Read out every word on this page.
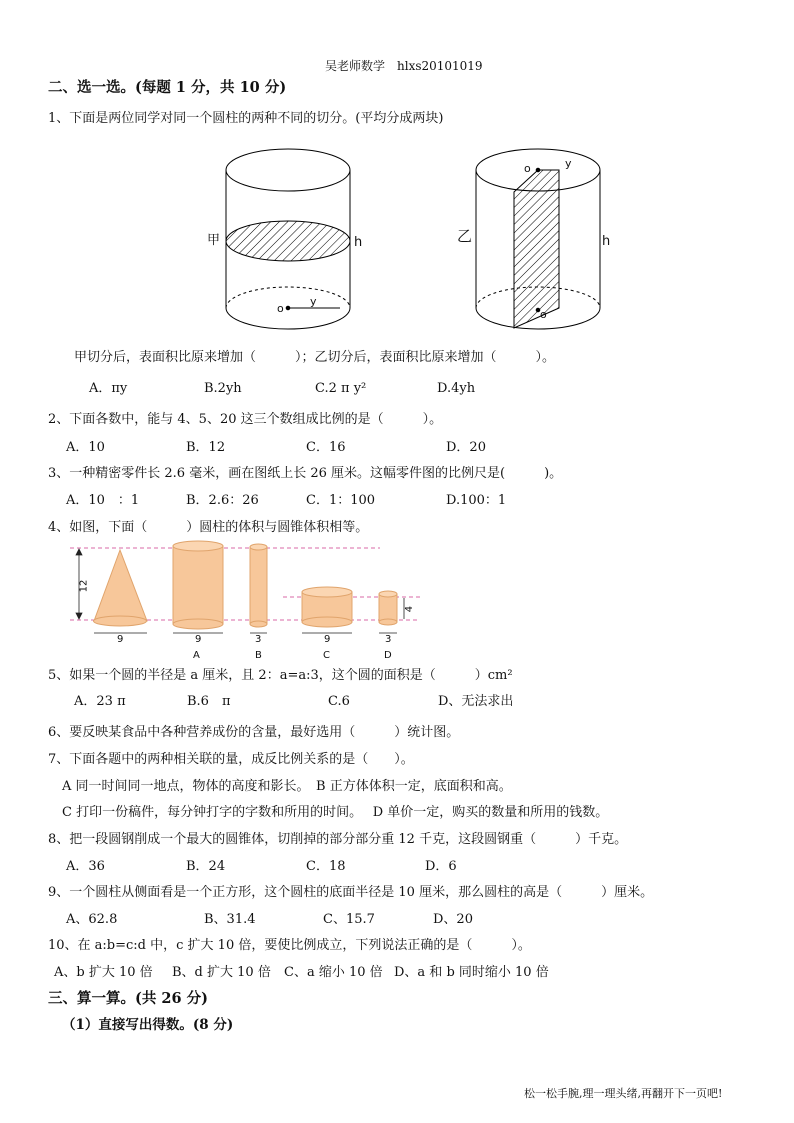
吴老师数学　hlxs20101019
二、选一选。(每题 1 分，共 10 分)
1、下面是两位同学对同一个圆柱的两种不同的切分。(平均分成两块)
甲	h
o
y
乙	h
o	y
o
甲切分后，表面积比原来增加（　　　）；乙切分后，表面积比原来增加（　　　）。
A．πy	B.2yh	C.2 π y²	D.4yh
2、下面各数中，能与 4、5、20 这三个数组成比例的是（　　　）。
A．10	B．12	C．16	D．20
3、一种精密零件长 2.6 毫米，画在图纸上长 26 厘米。这幅零件图的比例尺是(　　　)。
A．10　：1	B．2.6：26	C．1：100	D.100：1
4、如图，下面（　　　）圆柱的体积与圆锥体积相等。
12
9	9	3	9	3
4
A	B	C	D
5、如果一个圆的半径是 a 厘米，且 2：a=a:3，这个圆的面积是（　　　）cm²
A．23 π	B.6　π	C.6	D、无法求出
6、要反映某食品中各种营养成份的含量，最好选用（　　　）统计图。
7、下面各题中的两种相关联的量，成反比例关系的是（　　）。
A 同一时间同一地点，物体的高度和影长。　B 正方体体积一定，底面积和高。
C 打印一份稿件，每分钟打字的字数和所用的时间。　 D 单价一定，购买的数量和所用的钱数。
8、把一段圆钢削成一个最大的圆锥体，切削掉的部分部分重 12 千克，这段圆钢重（　　　）千克。
A．36	B．24	C．18	D．6
9、一个圆柱从侧面看是一个正方形，这个圆柱的底面半径是 10 厘米，那么圆柱的高是（　　　）厘米。
A、62.8	B、31.4	C、15.7	D、20
10、在 a:b=c:d 中，c 扩大 10 倍，要使比例成立，下列说法正确的是（　　　）。
A、b 扩大 10 倍 B、d 扩大 10 倍 C、a 缩小 10 倍 D、a 和 b 同时缩小 10 倍
三、算一算。(共 26 分)
（1）直接写出得数。(8 分)
松一松手腕,理一理头绪,再翻开下一页吧!
